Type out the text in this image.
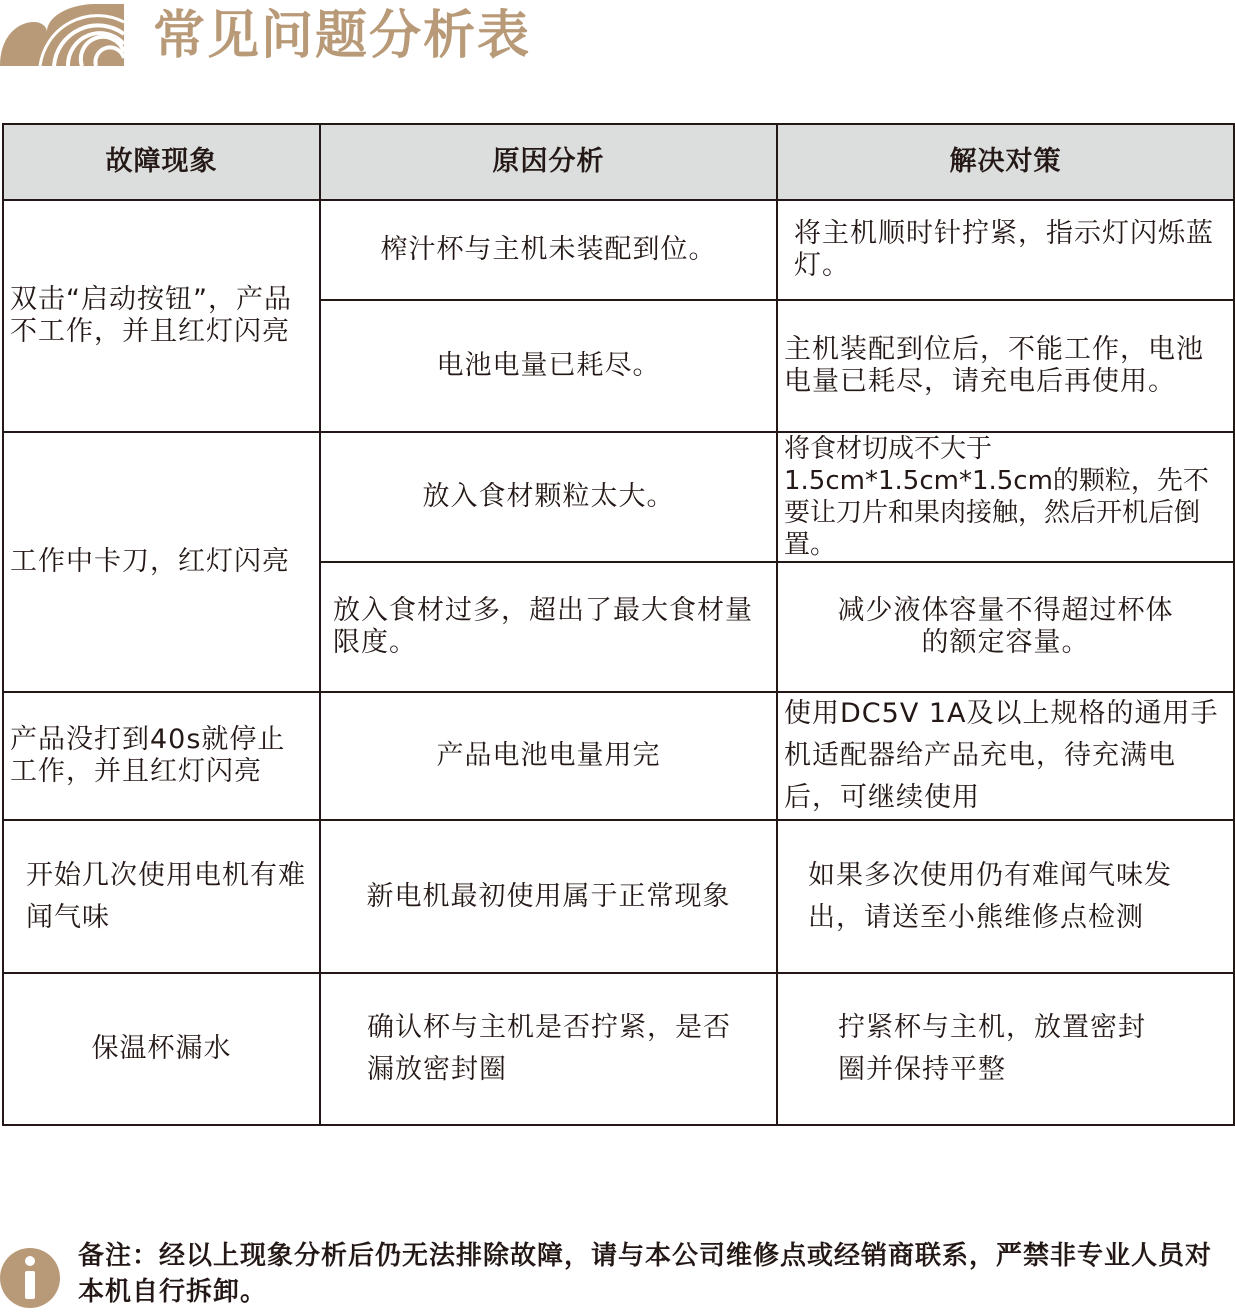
常见问题分析表
故障现象	原因分析	解决对策
双击“启动按钮”，产品不工作，并且红灯闪亮	榨汁杯与主机未装配到位。	将主机顺时针拧紧，指示灯闪烁蓝灯。
	电池电量已耗尽。	主机装配到位后，不能工作，电池电量已耗尽，请充电后再使用。
工作中卡刀，红灯闪亮	放入食材颗粒太大。	将食材切成不大于1.5cm*1.5cm*1.5cm的颗粒，先不要让刀片和果肉接触，然后开机后倒置。
	放入食材过多，超出了最大食材量限度。	减少液体容量不得超过杯体的额定容量。
产品没打到40s就停止工作，并且红灯闪亮	产品电池电量用完	使用DC5V 1A及以上规格的通用手机适配器给产品充电，待充满电后，可继续使用
开始几次使用电机有难闻气味	新电机最初使用属于正常现象	如果多次使用仍有难闻气味发出，请送至小熊维修点检测
保温杯漏水	确认杯与主机是否拧紧，是否漏放密封圈	拧紧杯与主机，放置密封圈并保持平整
备注：经以上现象分析后仍无法排除故障，请与本公司维修点或经销商联系，严禁非专业人员对本机自行拆卸。
